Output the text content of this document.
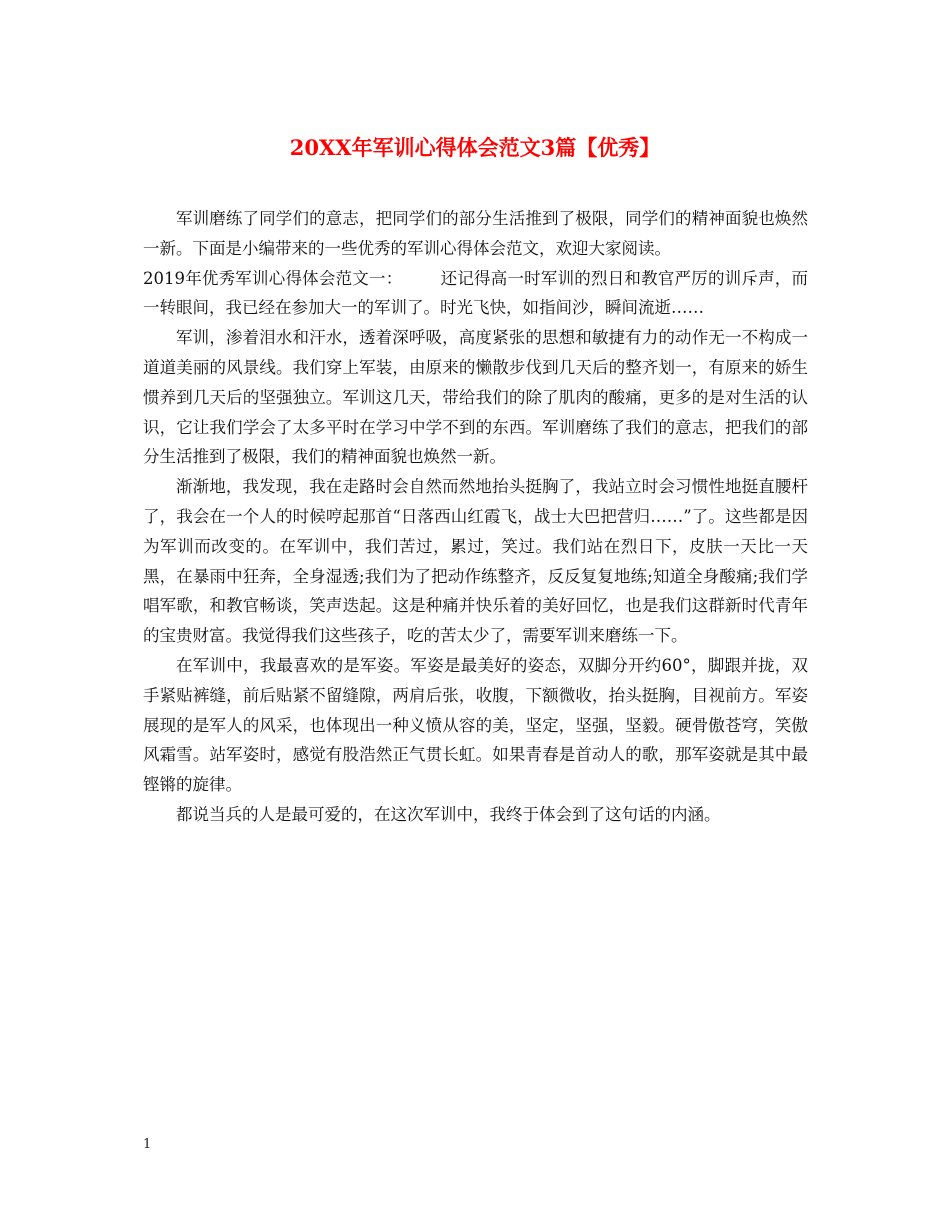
20XX年军训心得体会范文3篇【优秀】

军训磨练了同学们的意志，把同学们的部分生活推到了极限，同学们的精神面貌也焕然一新。下面是小编带来的一些优秀的军训心得体会范文，欢迎大家阅读。

2019年优秀军训心得体会范文一： 还记得高一时军训的烈日和教官严厉的训斥声，而一转眼间，我已经在参加大一的军训了。时光飞快，如指间沙，瞬间流逝……

军训，渗着泪水和汗水，透着深呼吸，高度紧张的思想和敏捷有力的动作无一不构成一道道美丽的风景线。我们穿上军装，由原来的懒散步伐到几天后的整齐划一，有原来的娇生惯养到几天后的坚强独立。军训这几天，带给我们的除了肌肉的酸痛，更多的是对生活的认识，它让我们学会了太多平时在学习中学不到的东西。军训磨练了我们的意志，把我们的部分生活推到了极限，我们的精神面貌也焕然一新。

渐渐地，我发现，我在走路时会自然而然地抬头挺胸了，我站立时会习惯性地挺直腰杆了，我会在一个人的时候哼起那首“日落西山红霞飞，战士大巴把营归……”了。这些都是因为军训而改变的。在军训中，我们苦过，累过，笑过。我们站在烈日下，皮肤一天比一天黑，在暴雨中狂奔，全身湿透;我们为了把动作练整齐，反反复复地练;知道全身酸痛;我们学唱军歌，和教官畅谈，笑声迭起。这是种痛并快乐着的美好回忆，也是我们这群新时代青年的宝贵财富。我觉得我们这些孩子，吃的苦太少了，需要军训来磨练一下。

在军训中，我最喜欢的是军姿。军姿是最美好的姿态，双脚分开约60°，脚跟并拢，双手紧贴裤缝，前后贴紧不留缝隙，两肩后张，收腹，下额微收，抬头挺胸，目视前方。军姿展现的是军人的风采，也体现出一种义愤从容的美，坚定，坚强，坚毅。硬骨傲苍穹，笑傲风霜雪。站军姿时，感觉有股浩然正气贯长虹。如果青春是首动人的歌，那军姿就是其中最铿锵的旋律。

都说当兵的人是最可爱的，在这次军训中，我终于体会到了这句话的内涵。

1
